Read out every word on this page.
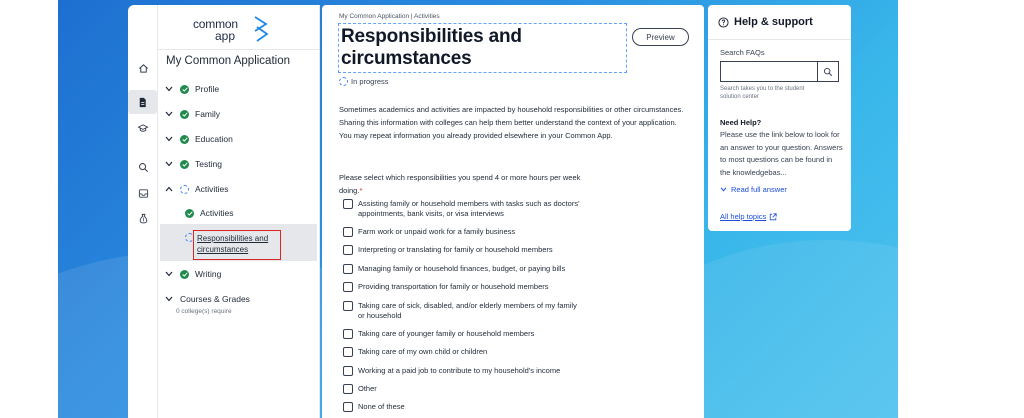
common
app
My Common Application
Profile
Family
Education
Testing
Activities
Activities
Responsibilities and circumstances
Writing
Courses & Grades
0 college(s) require
My Common Application | Activities
Responsibilities and circumstances
Preview
In progress

Sometimes academics and activities are impacted by household responsibilities or other circumstances. Sharing this information with colleges can help them better understand the context of your application. You may repeat information you already provided elsewhere in your Common App.

Please select which responsibilities you spend 4 or more hours per week doing.*

Assisting family or household members with tasks such as doctors' appointments, bank visits, or visa interviews
Farm work or unpaid work for a family business
Interpreting or translating for family or household members
Managing family or household finances, budget, or paying bills
Providing transportation for family or household members
Taking care of sick, disabled, and/or elderly members of my family or household
Taking care of younger family or household members
Taking care of my own child or children
Working at a paid job to contribute to my household's income
Other
None of these
Help & support
Search FAQs
Search takes you to the student solution center
Need Help?
Please use the link below to look for an answer to your question. Answers to most questions can be found in the knowledgebas...
Read full answer
All help topics
